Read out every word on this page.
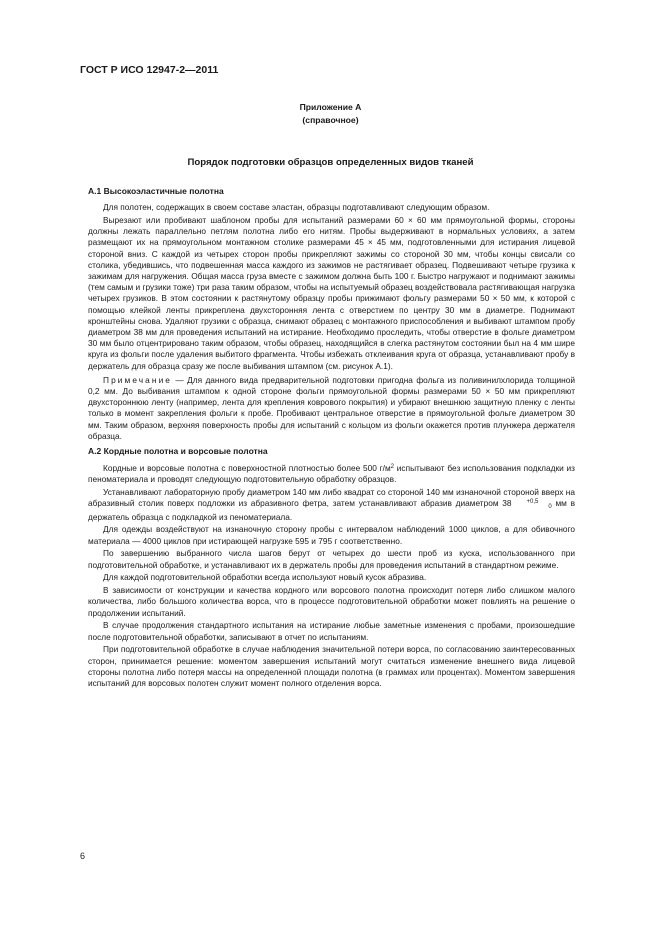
ГОСТ Р ИСО 12947-2—2011
Приложение А
(справочное)
Порядок подготовки образцов определенных видов тканей
А.1 Высокоэластичные полотна

Для полотен, содержащих в своем составе эластан, образцы подготавливают следующим образом.

Вырезают или пробивают шаблоном пробы для испытаний размерами 60 × 60 мм прямоугольной формы, стороны должны лежать параллельно петлям полотна либо его нитям. Пробы выдерживают в нормальных условиях, а затем размещают их на прямоугольном монтажном столике размерами 45 × 45 мм, подготовленными для истирания лицевой стороной вниз. С каждой из четырех сторон пробы прикрепляют зажимы со стороной 30 мм, чтобы концы свисали со столика, убедившись, что подвешенная масса каждого из зажимов не растягивает образец. Подвешивают четыре грузика к зажимам для нагружения. Общая масса груза вместе с зажимом должна быть 100 г. Быстро нагружают и поднимают зажимы (тем самым и грузики тоже) три раза таким образом, чтобы на испытуемый образец воздействовала растягивающая нагрузка четырех грузиков. В этом состоянии к растянутому образцу пробы прижимают фольгу размерами 50 × 50 мм, к которой с помощью клейкой ленты прикреплена двухсторонняя лента с отверстием по центру 30 мм в диаметре. Поднимают кронштейны снова. Удаляют грузики с образца, снимают образец с монтажного приспособления и выбивают штампом пробу диаметром 38 мм для проведения испытаний на истирание. Необходимо проследить, чтобы отверстие в фольге диаметром 30 мм было отцентрировано таким образом, чтобы образец, находящийся в слегка растянутом состоянии был на 4 мм шире круга из фольги после удаления выбитого фрагмента. Чтобы избежать отклеивания круга от образца, устанавливают пробу в держатель для образца сразу же после выбивания штампом (см. рисунок А.1).

Примечание — Для данного вида предварительной подготовки пригодна фольга из поливинилхлорида толщиной 0,2 мм. До выбивания штампом к одной стороне фольги прямоугольной формы размерами 50 × 50 мм прикрепляют двухстороннюю ленту (например, лента для крепления коврового покрытия) и убирают внешнюю защитную пленку с ленты только в момент закрепления фольги к пробе. Пробивают центральное отверстие в прямоугольной фольге диаметром 30 мм. Таким образом, верхняя поверхность пробы для испытаний с кольцом из фольги окажется против плунжера держателя образца.

А.2 Кордные полотна и ворсовые полотна

Кордные и ворсовые полотна с поверхностной плотностью более 500 $г/м^2$ испытывают без использования подкладки из пенoматериала и проводят следующую подготовительную обработку образцов.

Устанавливают лабораторную пробу диаметром 140 мм либо квадрат со стороной 140 мм изнаночной стороной вверх на абразивный столик поверх подложки из абразивного фетра, затем устанавливают абразив диаметром 38	$^{+0,5}_0$ мм в держатель образца с подкладкой из пенoматериала.

Для одежды воздействуют на изнаночную сторону пробы с интервалом наблюдений 1000 циклов, а для обивочного материала — 4000 циклов при истирающей нагрузке 595 и 795 г соответственно.

По завершению выбранного числа шагов берут от четырех до шести проб из куска, использованного при подготовительной обработке, и устанавливают их в держатель пробы для проведения испытаний в стандартном режиме.

Для каждой подготовительной обработки всегда используют новый кусок абразива.

В зависимости от конструкции и качества кордного или ворсового полотна происходит потеря либо слишком малого количества, либо большого количества ворса, что в процессе подготовительной обработки может повлиять на решение о продолжении испытаний.

В случае продолжения стандартного испытания на истирание любые заметные изменения с пробами, произошедшие после подготовительной обработки, записывают в отчет по испытаниям.

При подготовительной обработке в случае наблюдения значительной потери ворса, по согласованию заинтересованных сторон, принимается решение: моментом завершения испытаний могут считаться изменение внешнего вида лицевой стороны полотна либо потеря массы на определенной площади полотна (в граммах или процентах). Моментом завершения испытаний для ворсовых полотен служит момент полного отделения ворса.

6
